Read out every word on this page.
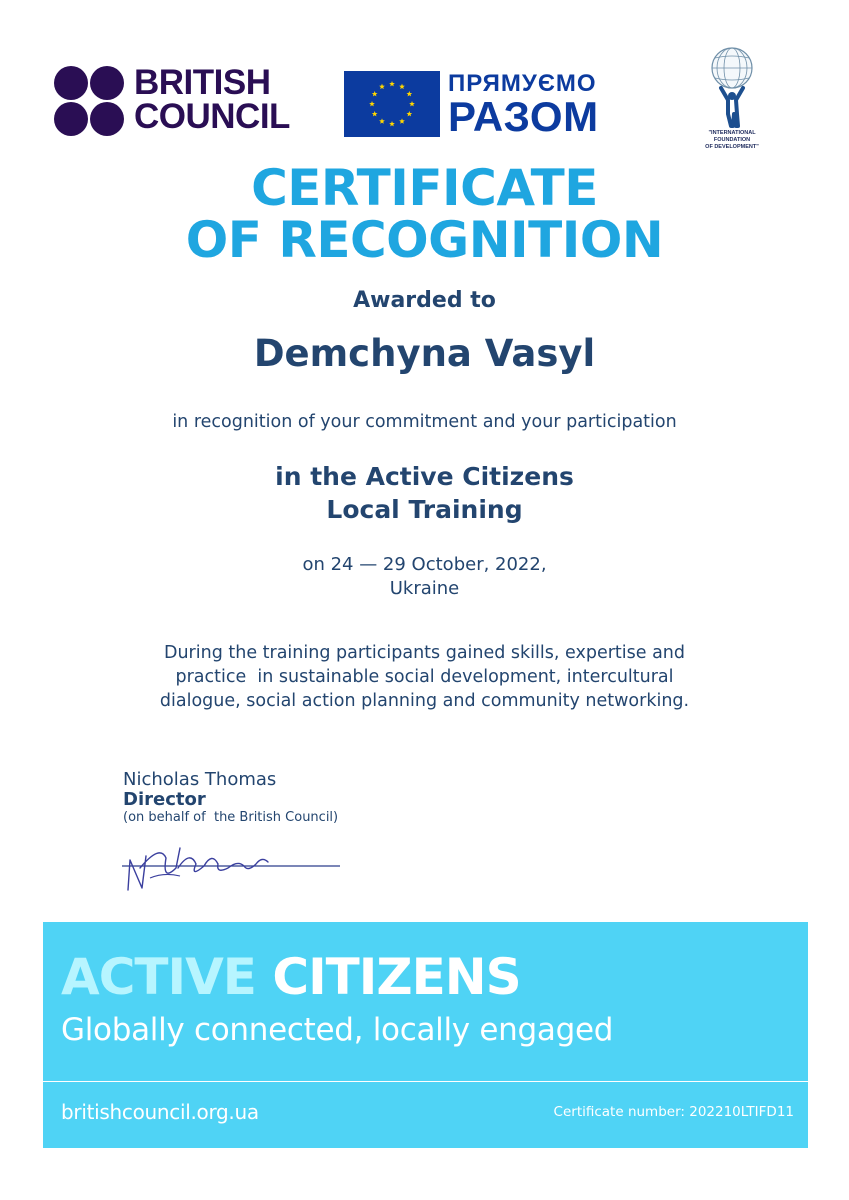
BRITISH
COUNCIL
ПРЯМУЄМО
РАЗОМ	"INTERNATIONAL
FOUNDATION
OF DEVELOPMENT"
CERTIFICATE
OF RECOGNITION
Awarded to
Demchyna Vasyl
in recognition of your commitment and your participation
in the Active Citizens
Local Training
on 24 — 29 October, 2022,
Ukraine
During the training participants gained skills, expertise and
practice  in sustainable social development, intercultural
dialogue, social action planning and community networking.
Nicholas Thomas
Director
(on behalf of  the British Council)
ACTIVE CITIZENS
Globally connected, locally engaged
britishcouncil.org.ua	Certificate number: 202210LTIFD11
